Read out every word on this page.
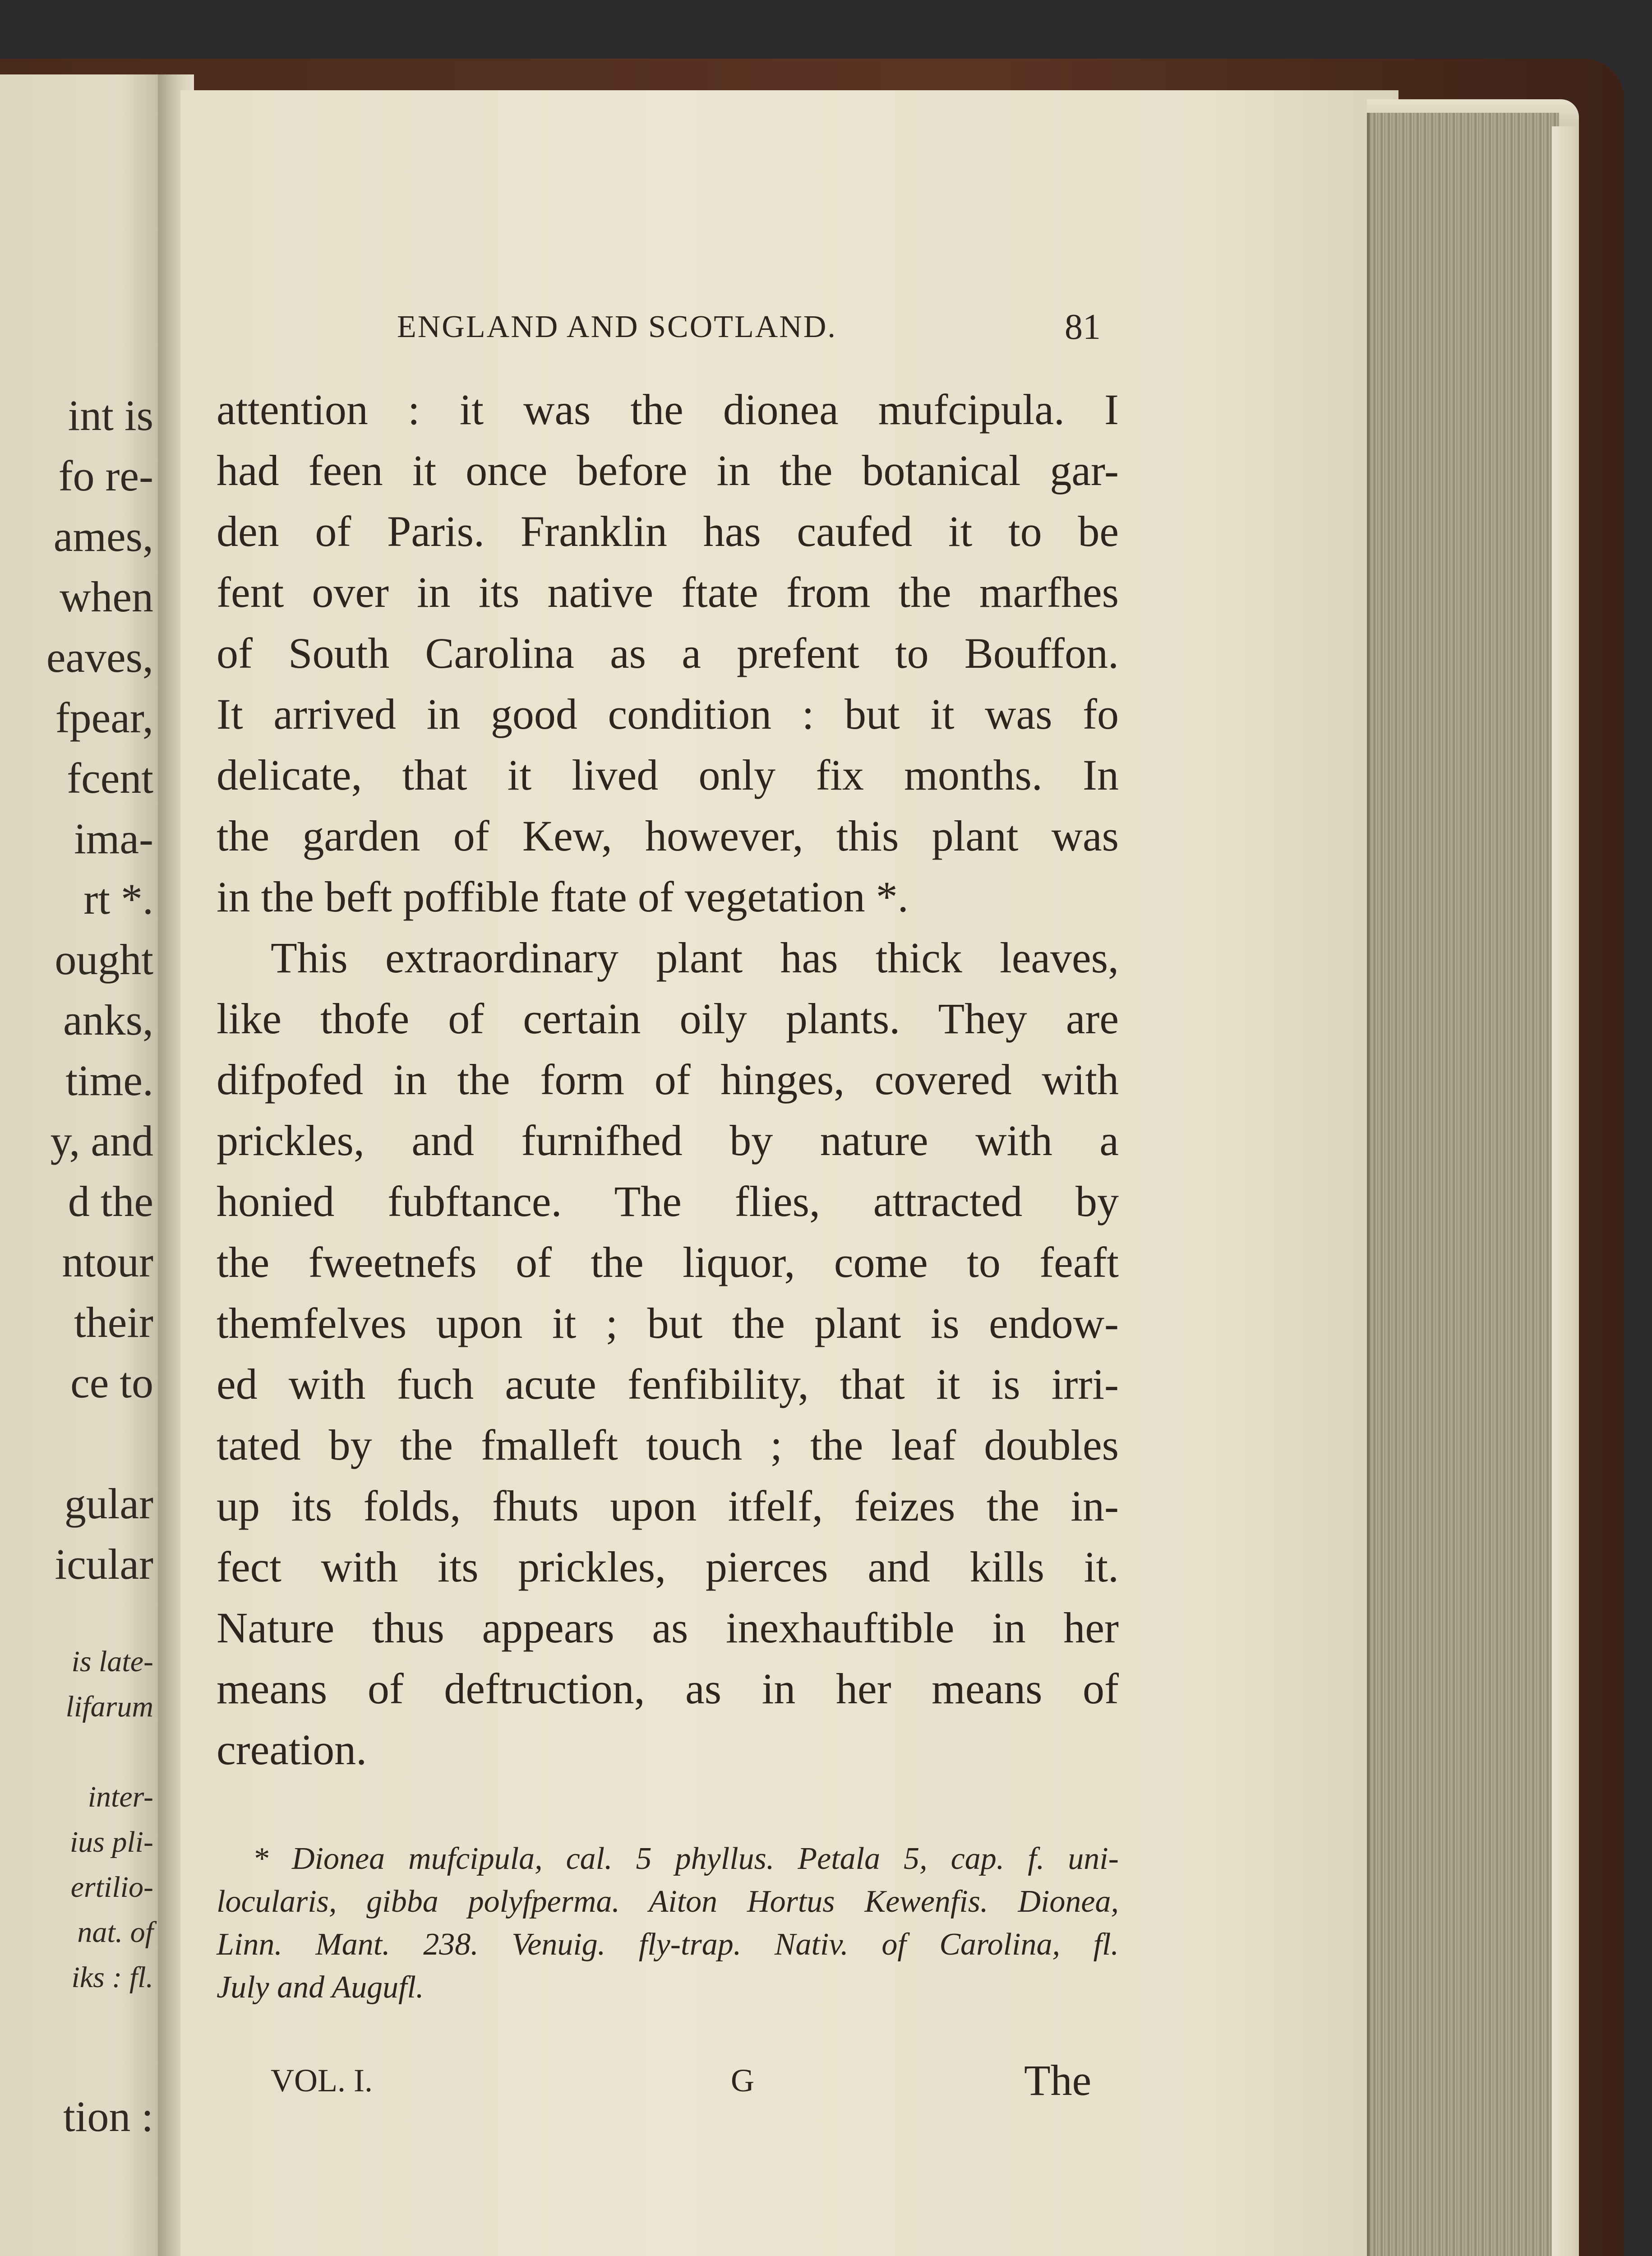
int is
fo re-
ames,
when
eaves,
fpear,
fcent
ima-
rt *.
ought
anks,
time.
y, and
d the
ntour
their
ce to
gular
icular
is late-
lifarum
inter-
ius pli-
ertilio-
nat. of
iks : fl.
tion :
ENGLAND AND SCOTLAND.	81
attention : it was the dionea mufcipula. I
had feen it once before in the botanical gar-
den of Paris. Franklin has caufed it to be
fent over in its native ftate from the marfhes
of South Carolina as a prefent to Bouffon.
It arrived in good condition : but it was fo
delicate, that it lived only fix months. In
the garden of Kew, however, this plant was
in the beft poffible ftate of vegetation *.
This extraordinary plant has thick leaves,
like thofe of certain oily plants. They are
difpofed in the form of hinges, covered with
prickles, and furnifhed by nature with a
honied fubftance. The flies, attracted by
the fweetnefs of the liquor, come to feaft
themfelves upon it ; but the plant is endow-
ed with fuch acute fenfibility, that it is irri-
tated by the fmalleft touch ; the leaf doubles
up its folds, fhuts upon itfelf, feizes the in-
fect with its prickles, pierces and kills it.
Nature thus appears as inexhauftible in her
means of deftruction, as in her means of
creation.
* Dionea mufcipula, cal. 5 phyllus. Petala 5, cap. f. uni-
locularis, gibba polyfperma. Aiton Hortus Kewenfis. Dionea,
Linn. Mant. 238. Venuig. fly-trap. Nativ. of Carolina, fl.
July and Augufl.
VOL. I.	G	The
